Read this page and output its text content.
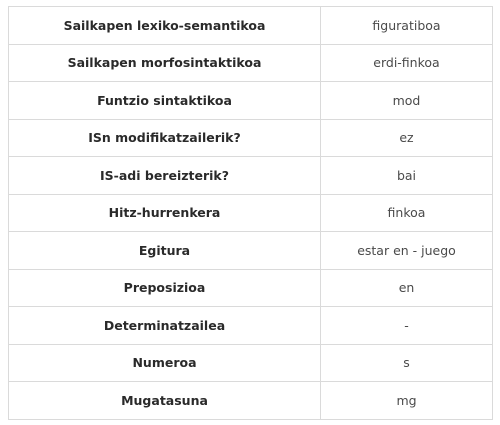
Sailkapen lexiko-semantikoa	figuratiboa
Sailkapen morfosintaktikoa	erdi-finkoa
Funtzio sintaktikoa	mod
ISn modifikatzailerik?	ez
IS-adi bereizterik?	bai
Hitz-hurrenkera	finkoa
Egitura	estar en - juego
Preposizioa	en
Determinatzailea	-
Numeroa	s
Mugatasuna	mg
